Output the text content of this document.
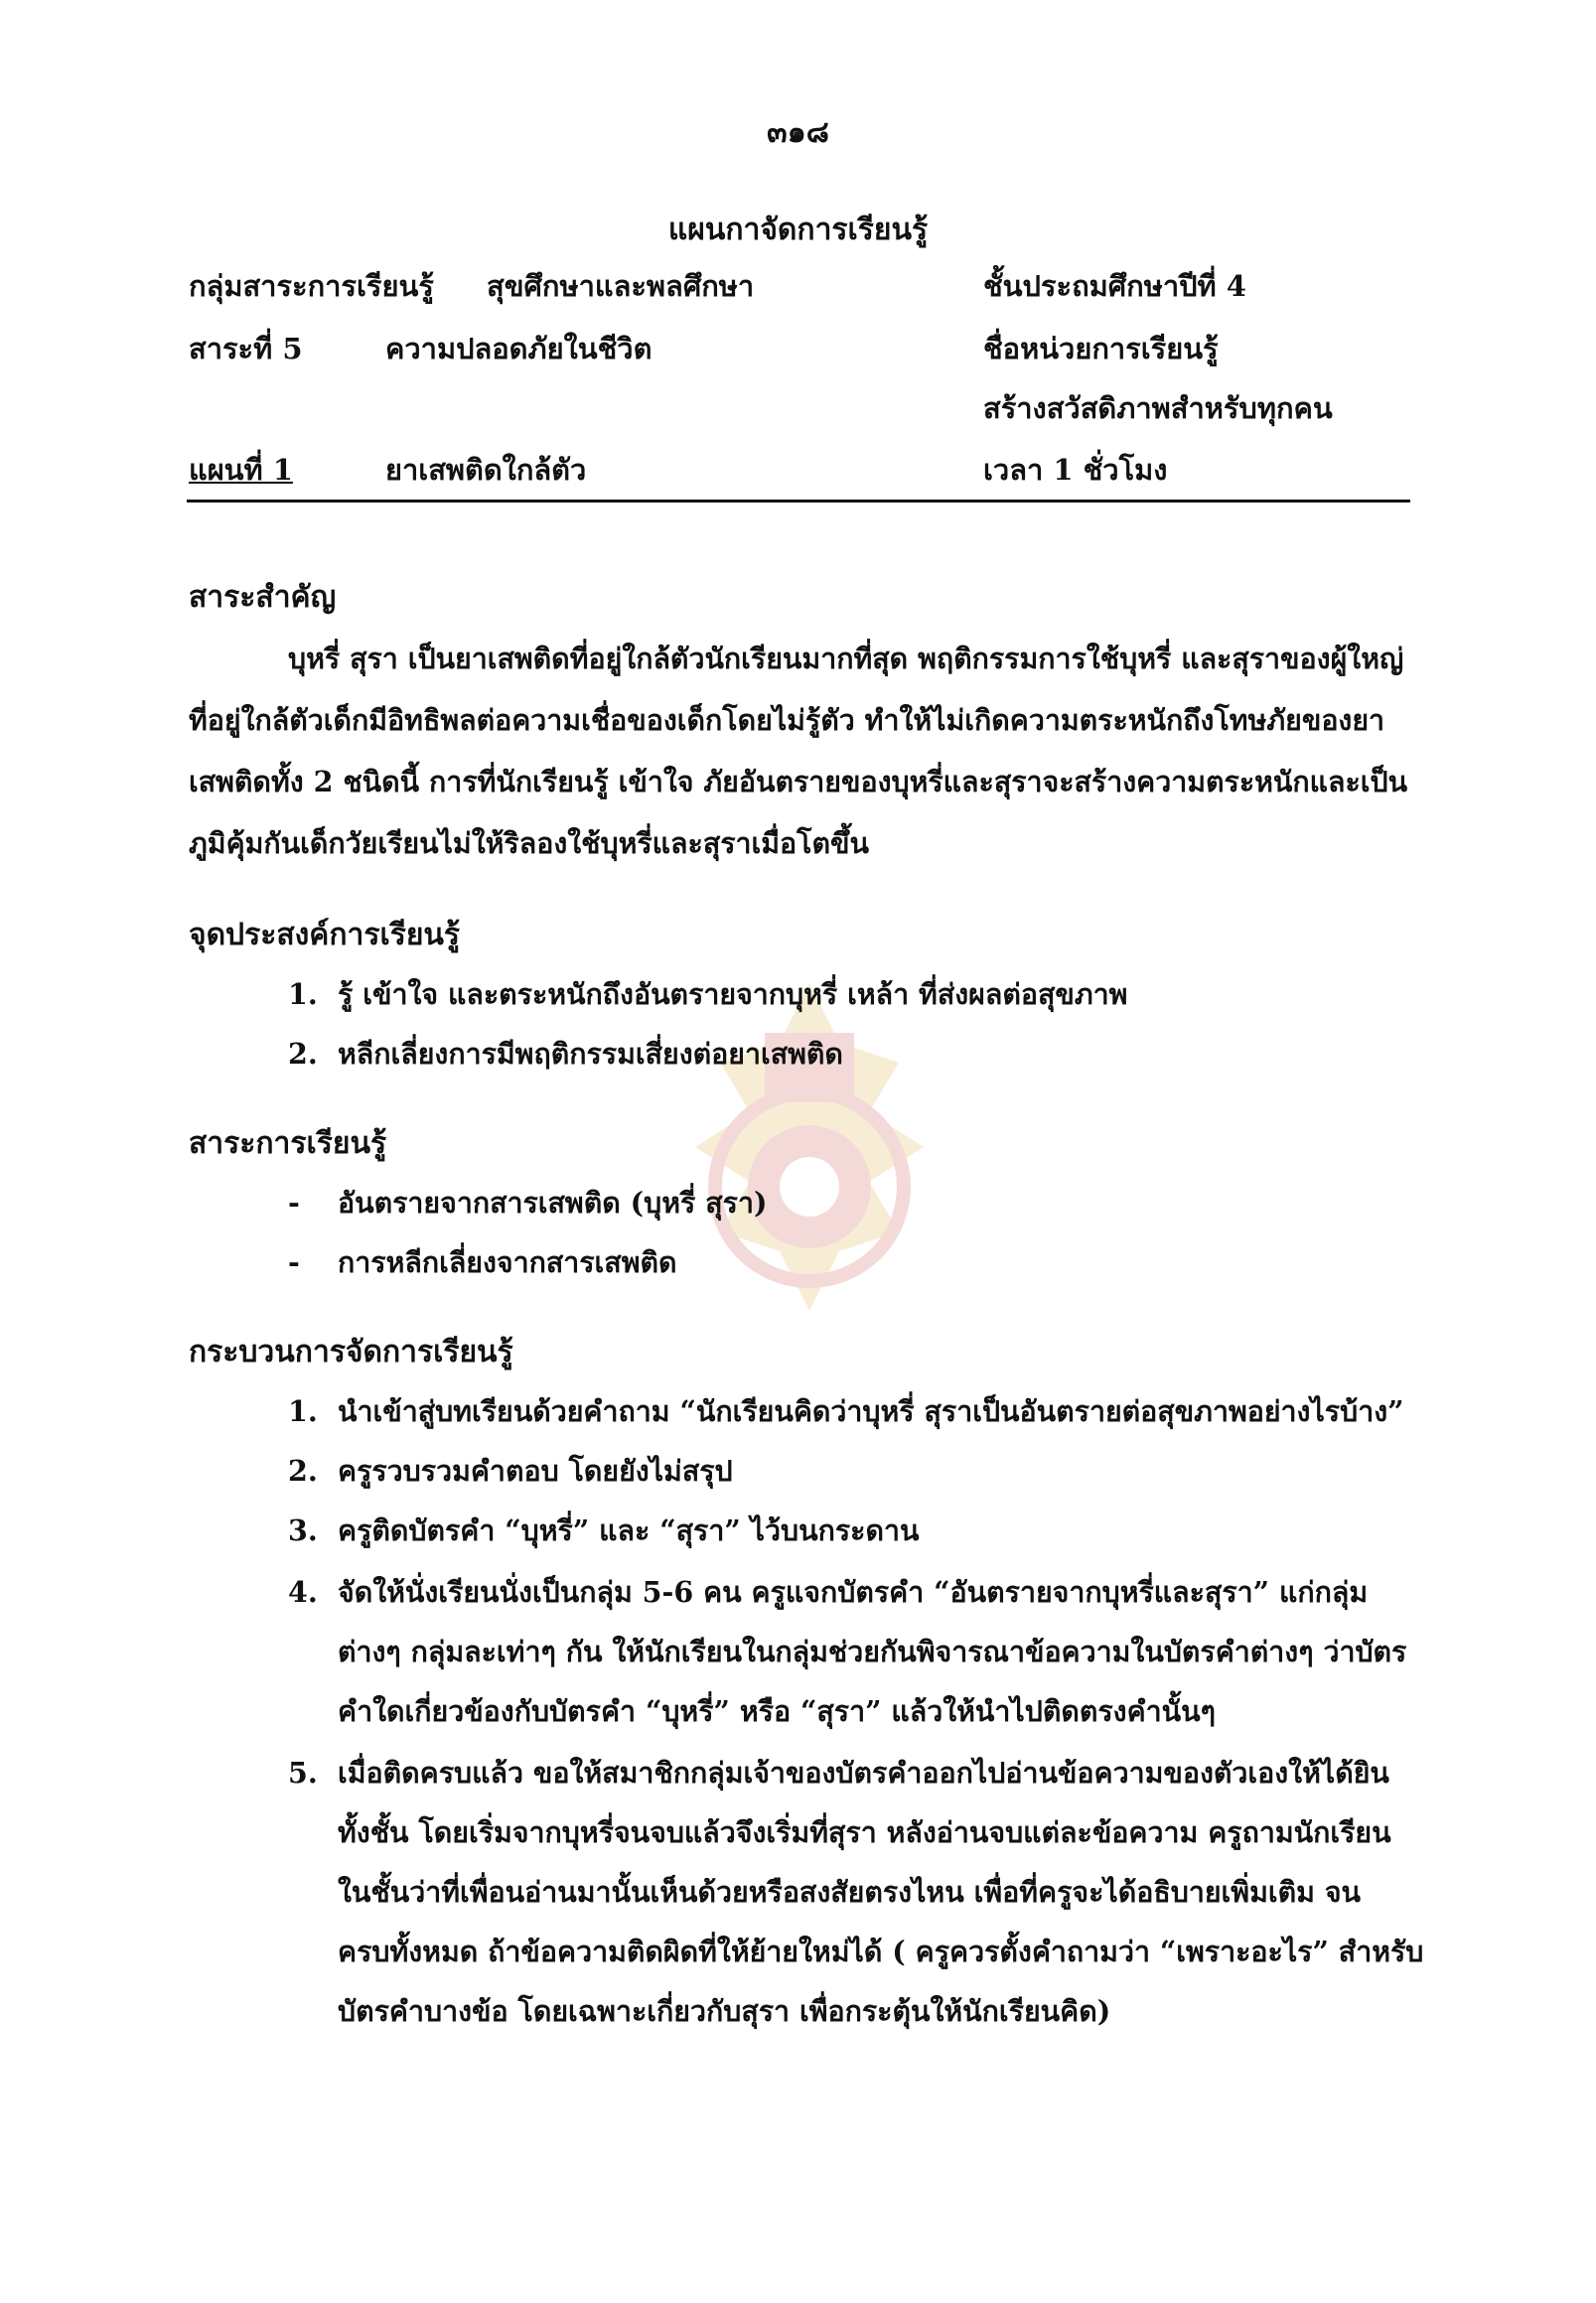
๓๑๘
แผนกาจัดการเรียนรู้
กลุ่มสาระการเรียนรู้ สุขศึกษาและพลศึกษา	ชั้นประถมศึกษาปีที่ 4
สาระที่ 5	ความปลอดภัยในชีวิต	ชื่อหน่วยการเรียนรู้
สร้างสวัสดิภาพสำหรับทุกคน
แผนที่ 1	ยาเสพติดใกล้ตัว	เวลา 1 ชั่วโมง
สาระสำคัญ
บุหรี่ สุรา เป็นยาเสพติดที่อยู่ใกล้ตัวนักเรียนมากที่สุด พฤติกรรมการใช้บุหรี่ และสุราของผู้ใหญ่
ที่อยู่ใกล้ตัวเด็กมีอิทธิพลต่อความเชื่อของเด็กโดยไม่รู้ตัว ทำให้ไม่เกิดความตระหนักถึงโทษภัยของยา
เสพติดทั้ง 2 ชนิดนี้ การที่นักเรียนรู้ เข้าใจ ภัยอันตรายของบุหรี่และสุราจะสร้างความตระหนักและเป็น
ภูมิคุ้มกันเด็กวัยเรียนไม่ให้ริลองใช้บุหรี่และสุราเมื่อโตขึ้น
จุดประสงค์การเรียนรู้
1. รู้ เข้าใจ และตระหนักถึงอันตรายจากบุหรี่ เหล้า ที่ส่งผลต่อสุขภาพ
2. หลีกเลี่ยงการมีพฤติกรรมเสี่ยงต่อยาเสพติด
สาระการเรียนรู้
- อันตรายจากสารเสพติด (บุหรี่ สุรา)
- การหลีกเลี่ยงจากสารเสพติด
กระบวนการจัดการเรียนรู้
1. นำเข้าสู่บทเรียนด้วยคำถาม “นักเรียนคิดว่าบุหรี่ สุราเป็นอันตรายต่อสุขภาพอย่างไรบ้าง”
2. ครูรวบรวมคำตอบ โดยยังไม่สรุป
3. ครูติดบัตรคำ “บุหรี่” และ “สุรา” ไว้บนกระดาน
4. จัดให้นั่งเรียนนั่งเป็นกลุ่ม 5-6 คน ครูแจกบัตรคำ “อันตรายจากบุหรี่และสุรา” แก่กลุ่ม
ต่างๆ กลุ่มละเท่าๆ กัน ให้นักเรียนในกลุ่มช่วยกันพิจารณาข้อความในบัตรคำต่างๆ ว่าบัตร
คำใดเกี่ยวข้องกับบัตรคำ “บุหรี่” หรือ “สุรา” แล้วให้นำไปติดตรงคำนั้นๆ
5. เมื่อติดครบแล้ว ขอให้สมาชิกกลุ่มเจ้าของบัตรคำออกไปอ่านข้อความของตัวเองให้ได้ยิน
ทั้งชั้น โดยเริ่มจากบุหรี่จนจบแล้วจึงเริ่มที่สุรา หลังอ่านจบแต่ละข้อความ ครูถามนักเรียน
ในชั้นว่าที่เพื่อนอ่านมานั้นเห็นด้วยหรือสงสัยตรงไหน เพื่อที่ครูจะได้อธิบายเพิ่มเติม จน
ครบทั้งหมด ถ้าข้อความติดผิดที่ให้ย้ายใหม่ได้ ( ครูควรตั้งคำถามว่า “เพราะอะไร” สำหรับ
บัตรคำบางข้อ โดยเฉพาะเกี่ยวกับสุรา เพื่อกระตุ้นให้นักเรียนคิด)
